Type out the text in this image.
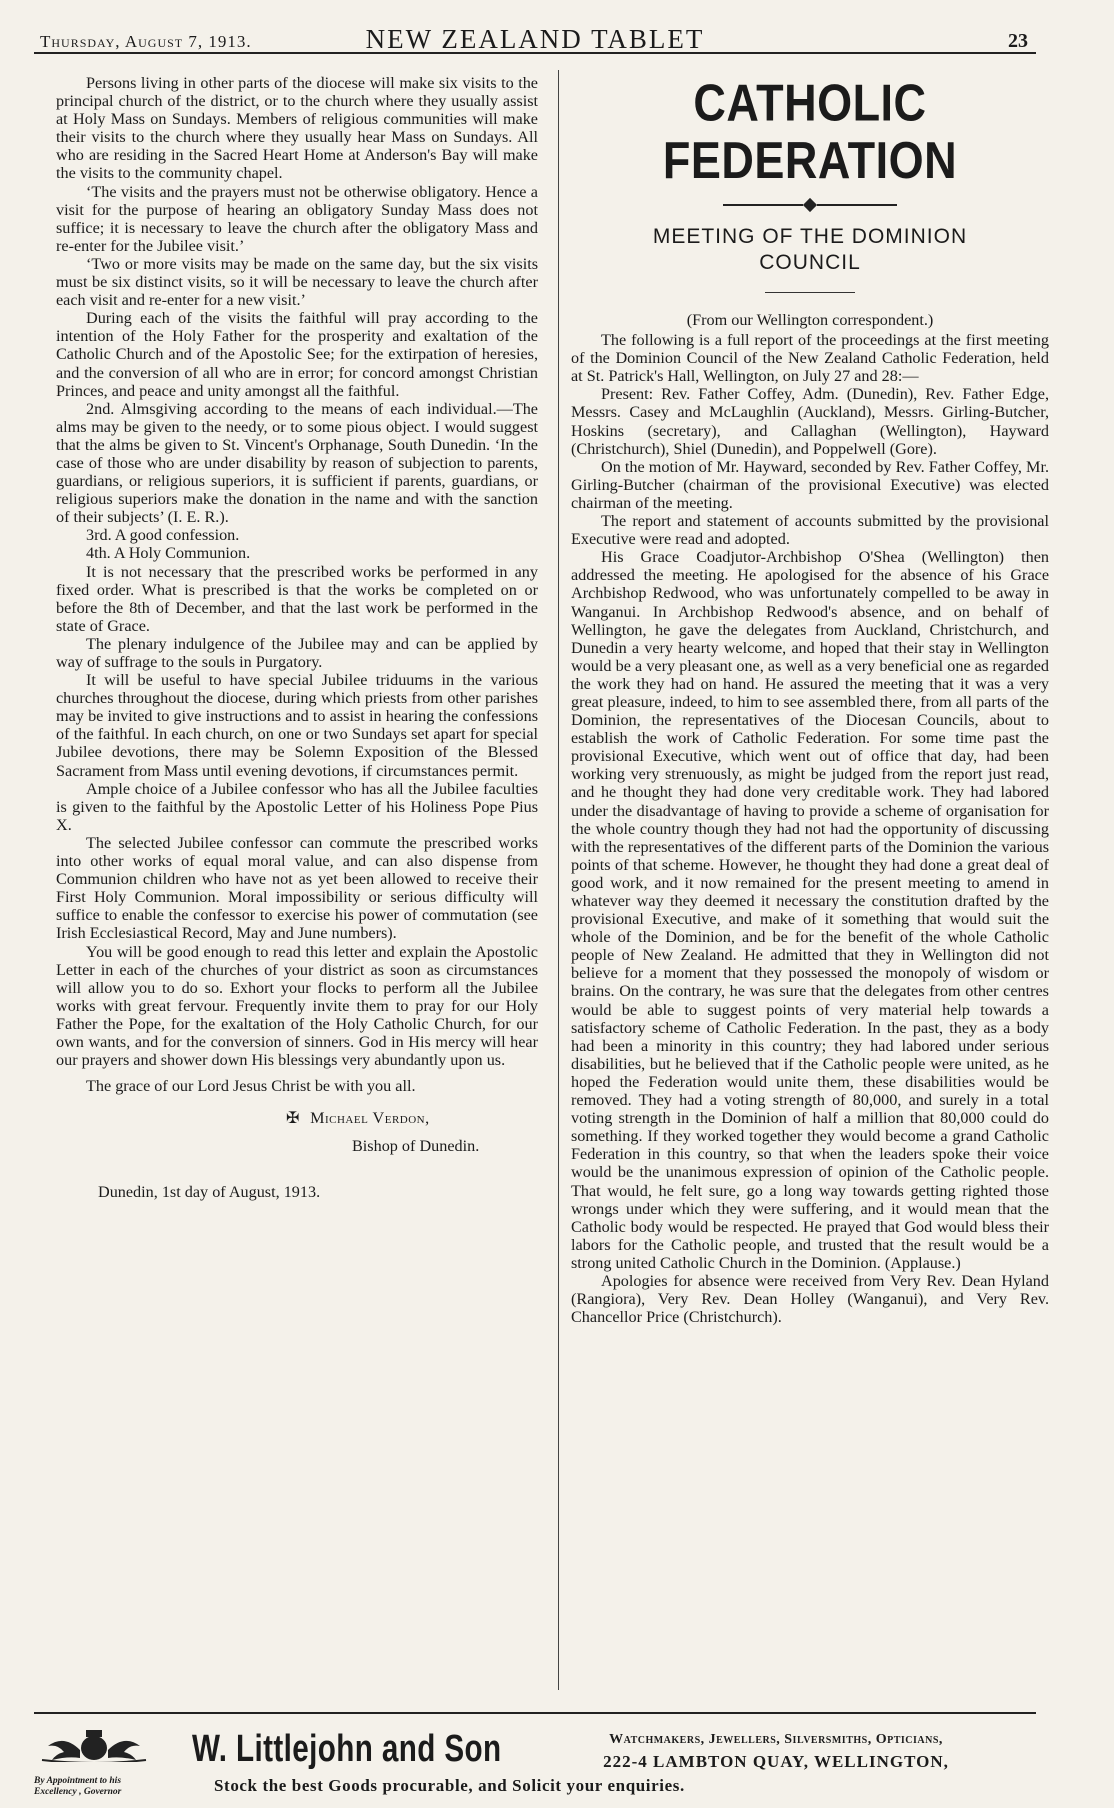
Thursday, August 7, 1913.	NEW ZEALAND TABLET	23

Persons living in other parts of the diocese will make six visits to the principal church of the district, or to the church where they usually assist at Holy Mass on Sundays. Members of religious communities will make their visits to the church where they usually hear Mass on Sundays. All who are residing in the Sacred Heart Home at Anderson's Bay will make the visits to the community chapel.

‘The visits and the prayers must not be otherwise obligatory. Hence a visit for the purpose of hearing an obligatory Sunday Mass does not suffice; it is necessary to leave the church after the obligatory Mass and re-enter for the Jubilee visit.’

‘Two or more visits may be made on the same day, but the six visits must be six distinct visits, so it will be necessary to leave the church after each visit and re-enter for a new visit.’

During each of the visits the faithful will pray according to the intention of the Holy Father for the prosperity and exaltation of the Catholic Church and of the Apostolic See; for the extirpation of heresies, and the conversion of all who are in error; for concord amongst Christian Princes, and peace and unity amongst all the faithful.

2nd. Almsgiving according to the means of each individual.—The alms may be given to the needy, or to some pious object. I would suggest that the alms be given to St. Vincent's Orphanage, South Dunedin. ‘In the case of those who are under disability by reason of subjection to parents, guardians, or religious superiors, it is sufficient if parents, guardians, or religious superiors make the donation in the name and with the sanction of their subjects’ (I. E. R.).

3rd. A good confession.

4th. A Holy Communion.

It is not necessary that the prescribed works be performed in any fixed order. What is prescribed is that the works be completed on or before the 8th of December, and that the last work be performed in the state of Grace.

The plenary indulgence of the Jubilee may and can be applied by way of suffrage to the souls in Purgatory.

It will be useful to have special Jubilee triduums in the various churches throughout the diocese, during which priests from other parishes may be invited to give instructions and to assist in hearing the confessions of the faithful. In each church, on one or two Sundays set apart for special Jubilee devotions, there may be Solemn Exposition of the Blessed Sacrament from Mass until evening devotions, if circumstances permit.

Ample choice of a Jubilee confessor who has all the Jubilee faculties is given to the faithful by the Apostolic Letter of his Holiness Pope Pius X.

The selected Jubilee confessor can commute the prescribed works into other works of equal moral value, and can also dispense from Communion children who have not as yet been allowed to receive their First Holy Communion. Moral impossibility or serious difficulty will suffice to enable the confessor to exercise his power of commutation (see Irish Ecclesiastical Record, May and June numbers).

You will be good enough to read this letter and explain the Apostolic Letter in each of the churches of your district as soon as circumstances will allow you to do so. Exhort your flocks to perform all the Jubilee works with great fervour. Frequently invite them to pray for our Holy Father the Pope, for the exaltation of the Holy Catholic Church, for our own wants, and for the conversion of sinners. God in His mercy will hear our prayers and shower down His blessings very abundantly upon us.

The grace of our Lord Jesus Christ be with you all.

✠ Michael Verdon,

Bishop of Dunedin.

Dunedin, 1st day of August, 1913.

CATHOLIC FEDERATION
MEETING OF THE DOMINION
COUNCIL

(From our Wellington correspondent.)

The following is a full report of the proceedings at the first meeting of the Dominion Council of the New Zealand Catholic Federation, held at St. Patrick's Hall, Wellington, on July 27 and 28:—

Present: Rev. Father Coffey, Adm. (Dunedin), Rev. Father Edge, Messrs. Casey and McLaughlin (Auckland), Messrs. Girling-Butcher, Hoskins (secretary), and Callaghan (Wellington), Hayward (Christchurch), Shiel (Dunedin), and Poppelwell (Gore).

On the motion of Mr. Hayward, seconded by Rev. Father Coffey, Mr. Girling-Butcher (chairman of the provisional Executive) was elected chairman of the meeting.

The report and statement of accounts submitted by the provisional Executive were read and adopted.

His Grace Coadjutor-Archbishop O'Shea (Wellington) then addressed the meeting. He apologised for the absence of his Grace Archbishop Redwood, who was unfortunately compelled to be away in Wanganui. In Archbishop Redwood's absence, and on behalf of Wellington, he gave the delegates from Auckland, Christchurch, and Dunedin a very hearty welcome, and hoped that their stay in Wellington would be a very pleasant one, as well as a very beneficial one as regarded the work they had on hand. He assured the meeting that it was a very great pleasure, indeed, to him to see assembled there, from all parts of the Dominion, the representatives of the Diocesan Councils, about to establish the work of Catholic Federation. For some time past the provisional Executive, which went out of office that day, had been working very strenuously, as might be judged from the report just read, and he thought they had done very creditable work. They had labored under the disadvantage of having to provide a scheme of organisation for the whole country though they had not had the opportunity of discussing with the representatives of the different parts of the Dominion the various points of that scheme. However, he thought they had done a great deal of good work, and it now remained for the present meeting to amend in whatever way they deemed it necessary the constitution drafted by the provisional Executive, and make of it something that would suit the whole of the Dominion, and be for the benefit of the whole Catholic people of New Zealand. He admitted that they in Wellington did not believe for a moment that they possessed the monopoly of wisdom or brains. On the contrary, he was sure that the delegates from other centres would be able to suggest points of very material help towards a satisfactory scheme of Catholic Federation. In the past, they as a body had been a minority in this country; they had labored under serious disabilities, but he believed that if the Catholic people were united, as he hoped the Federation would unite them, these disabilities would be removed. They had a voting strength of 80,000, and surely in a total voting strength in the Dominion of half a million that 80,000 could do something. If they worked together they would become a grand Catholic Federation in this country, so that when the leaders spoke their voice would be the unanimous expression of opinion of the Catholic people. That would, he felt sure, go a long way towards getting righted those wrongs under which they were suffering, and it would mean that the Catholic body would be respected. He prayed that God would bless their labors for the Catholic people, and trusted that the result would be a strong united Catholic Church in the Dominion. (Applause.)

Apologies for absence were received from Very Rev. Dean Hyland (Rangiora), Very Rev. Dean Holley (Wanganui), and Very Rev. Chancellor Price (Christchurch).

By Appointment to his Excellency , Governor
W. Littlejohn and Son	Watchmakers, Jewellers, Silversmiths, Opticians,
222-4 LAMBTON QUAY, WELLINGTON,
Stock the best Goods procurable, and Solicit your enquiries.
